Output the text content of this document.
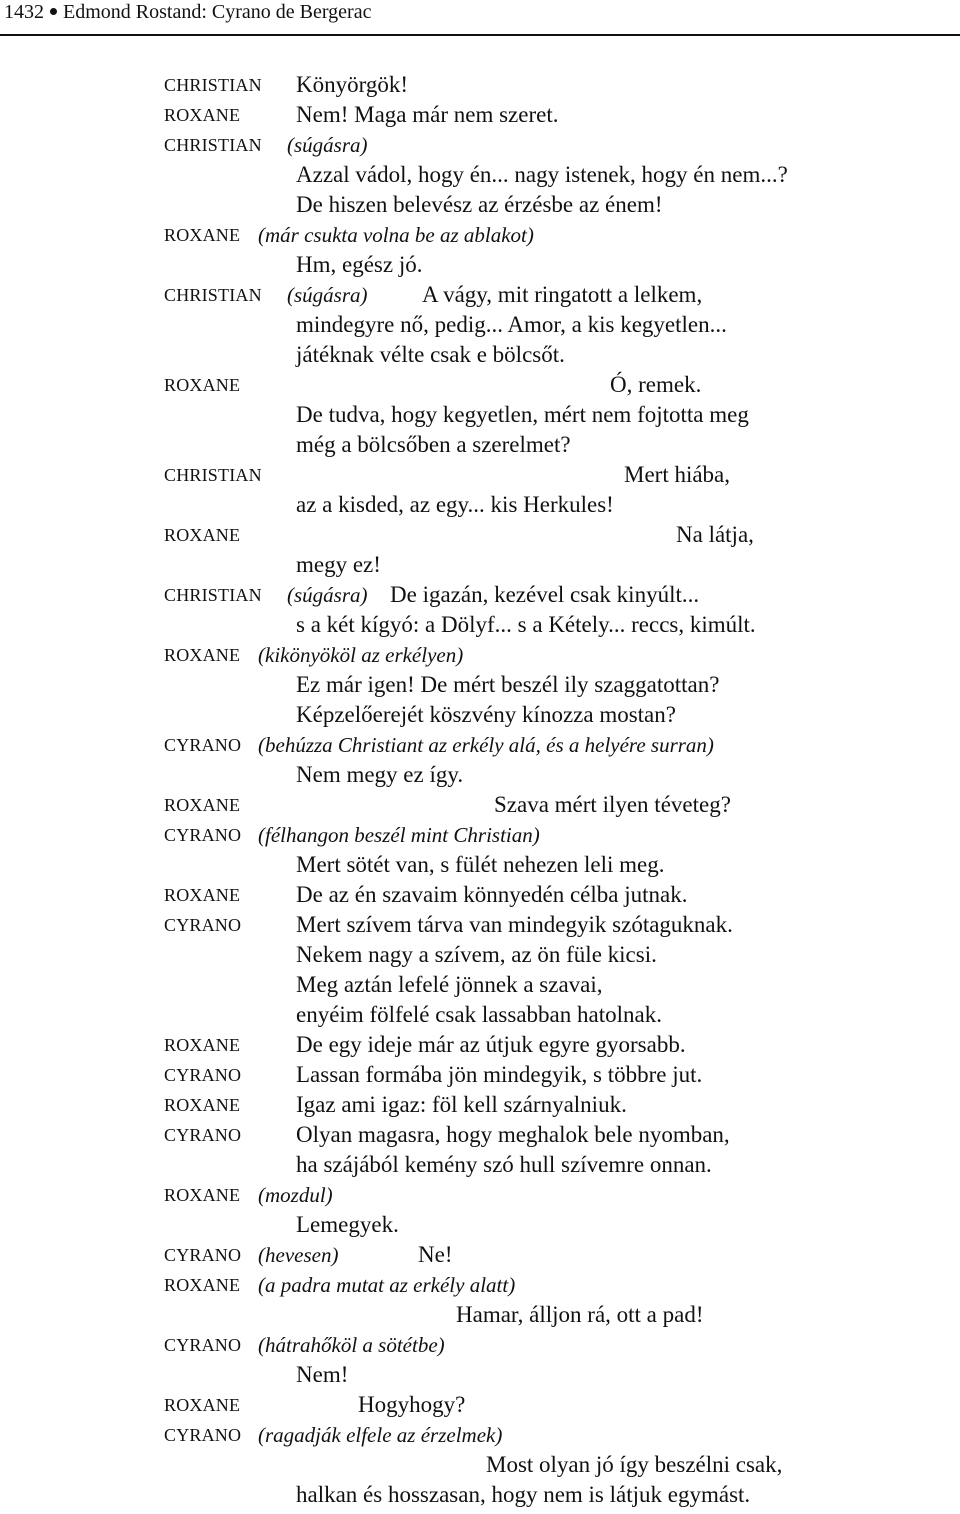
1432 Edmond Rostand: Cyrano de Bergerac
CHRISTIAN Könyörgök!
ROXANE Nem! Maga már nem szeret.
CHRISTIAN (súgásra)
Azzal vádol, hogy én... nagy istenek, hogy én nem...?
De hiszen belevész az érzésbe az énem!
ROXANE (már csukta volna be az ablakot)
Hm, egész jó.
CHRISTIAN (súgásra) A vágy, mit ringatott a lelkem,
mindegyre nő, pedig... Amor, a kis kegyetlen...
játéknak vélte csak e bölcsőt.
ROXANE	Ó, remek.
De tudva, hogy kegyetlen, mért nem fojtotta meg
még a bölcsőben a szerelmet?
CHRISTIAN	Mert hiába,
az a kisded, az egy... kis Herkules!
ROXANE	Na látja,
megy ez!
CHRISTIAN (súgásra) De igazán, kezével csak kinyúlt...
s a két kígyó: a Dölyf... s a Kétely... reccs, kimúlt.
ROXANE (kikönyököl az erkélyen)
Ez már igen! De mért beszél ily szaggatottan?
Képzelőerejét köszvény kínozza mostan?
CYRANO (behúzza Christiant az erkély alá, és a helyére surran)
Nem megy ez így.
ROXANE	Szava mért ilyen téveteg?
CYRANO (félhangon beszél mint Christian)
Mert sötét van, s fülét nehezen leli meg.
ROXANE De az én szavaim könnyedén célba jutnak.
CYRANO Mert szívem tárva van mindegyik szótaguknak.
Nekem nagy a szívem, az ön füle kicsi.
Meg aztán lefelé jönnek a szavai,
enyéim fölfelé csak lassabban hatolnak.
ROXANE De egy ideje már az útjuk egyre gyorsabb.
CYRANO Lassan formába jön mindegyik, s többre jut.
ROXANE Igaz ami igaz: föl kell szárnyalniuk.
CYRANO Olyan magasra, hogy meghalok bele nyomban,
ha szájából kemény szó hull szívemre onnan.
ROXANE (mozdul)
Lemegyek.
CYRANO (hevesen)	Ne!
ROXANE (a padra mutat az erkély alatt)
Hamar, álljon rá, ott a pad!
CYRANO (hátrahőköl a sötétbe)
Nem!
ROXANE	Hogyhogy?
CYRANO (ragadják elfele az érzelmek)
Most olyan jó így beszélni csak,
halkan és hosszasan, hogy nem is látjuk egymást.
